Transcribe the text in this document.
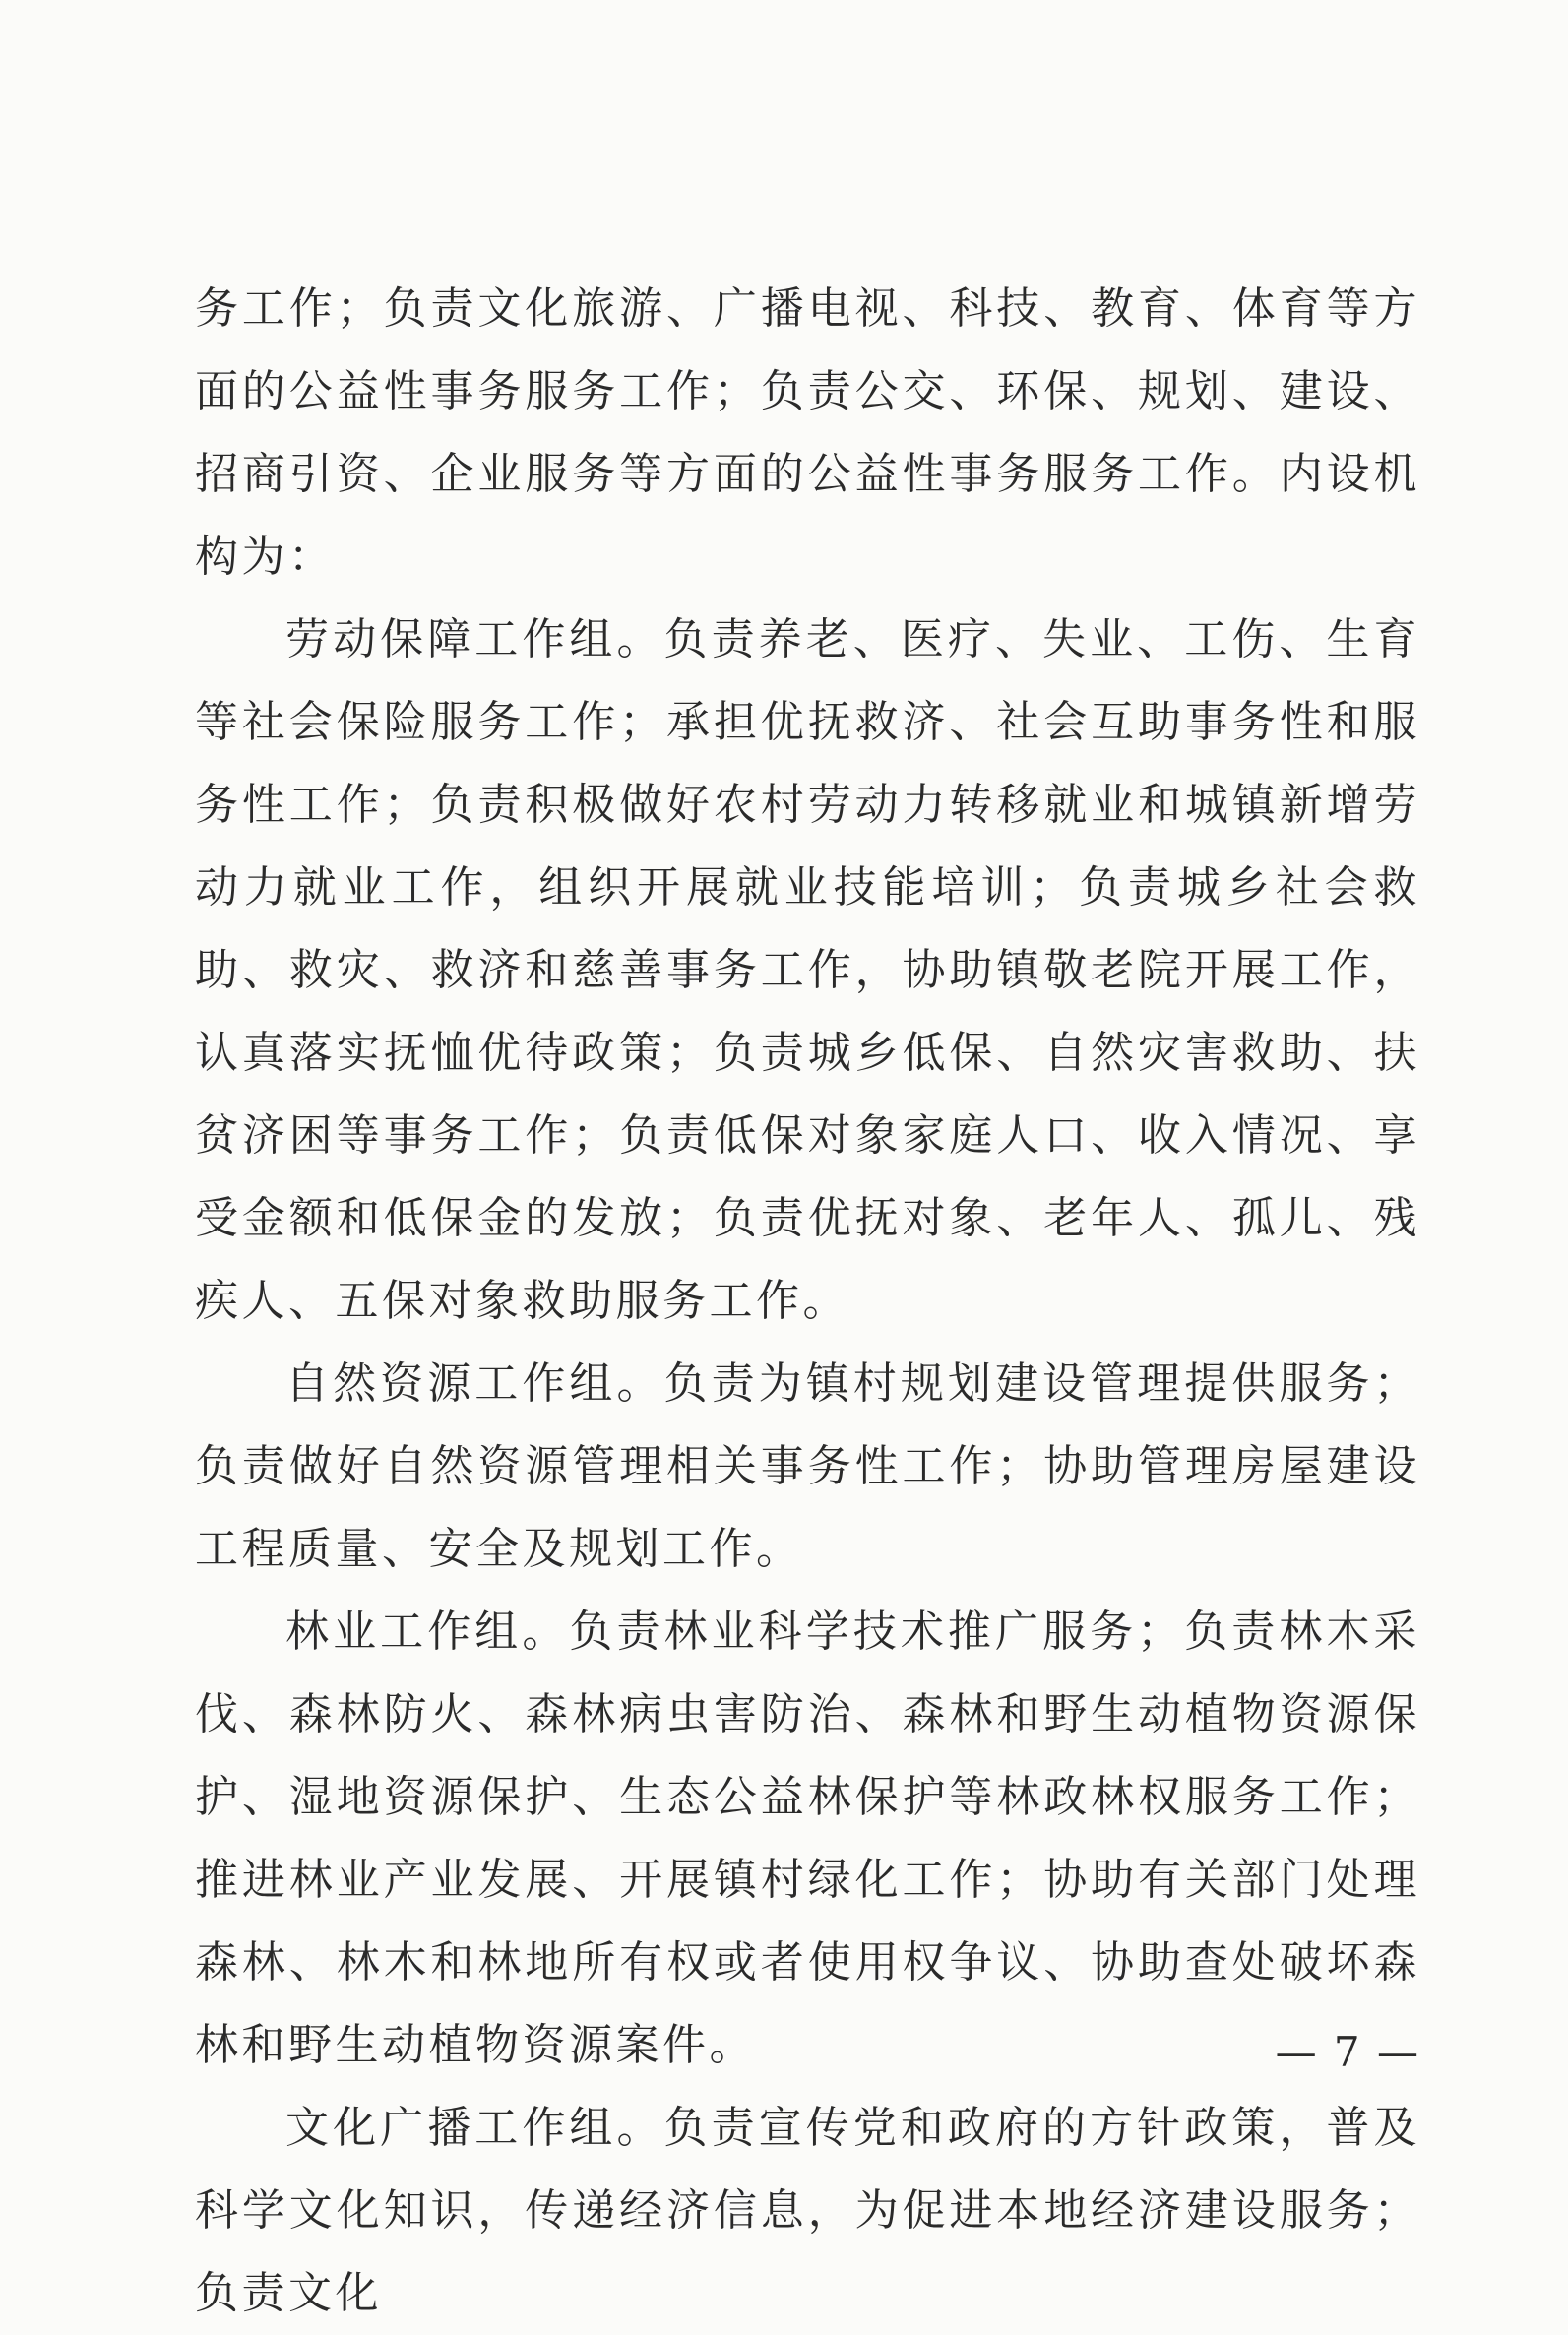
务工作；负责文化旅游、广播电视、科技、教育、体育等方面的公益性事务服务工作；负责公交、环保、规划、建设、招商引资、企业服务等方面的公益性事务服务工作。内设机构为：

劳动保障工作组。负责养老、医疗、失业、工伤、生育等社会保险服务工作；承担优抚救济、社会互助事务性和服务性工作；负责积极做好农村劳动力转移就业和城镇新增劳动力就业工作，组织开展就业技能培训；负责城乡社会救助、救灾、救济和慈善事务工作，协助镇敬老院开展工作，认真落实抚恤优待政策；负责城乡低保、自然灾害救助、扶贫济困等事务工作；负责低保对象家庭人口、收入情况、享受金额和低保金的发放；负责优抚对象、老年人、孤儿、残疾人、五保对象救助服务工作。

自然资源工作组。负责为镇村规划建设管理提供服务；负责做好自然资源管理相关事务性工作；协助管理房屋建设工程质量、安全及规划工作。

林业工作组。负责林业科学技术推广服务；负责林木采伐、森林防火、森林病虫害防治、森林和野生动植物资源保护、湿地资源保护、生态公益林保护等林政林权服务工作；推进林业产业发展、开展镇村绿化工作；协助有关部门处理森林、林木和林地所有权或者使用权争议、协助查处破坏森林和野生动植物资源案件。

文化广播工作组。负责宣传党和政府的方针政策，普及科学文化知识，传递经济信息，为促进本地经济建设服务；负责文化

— 7 —
